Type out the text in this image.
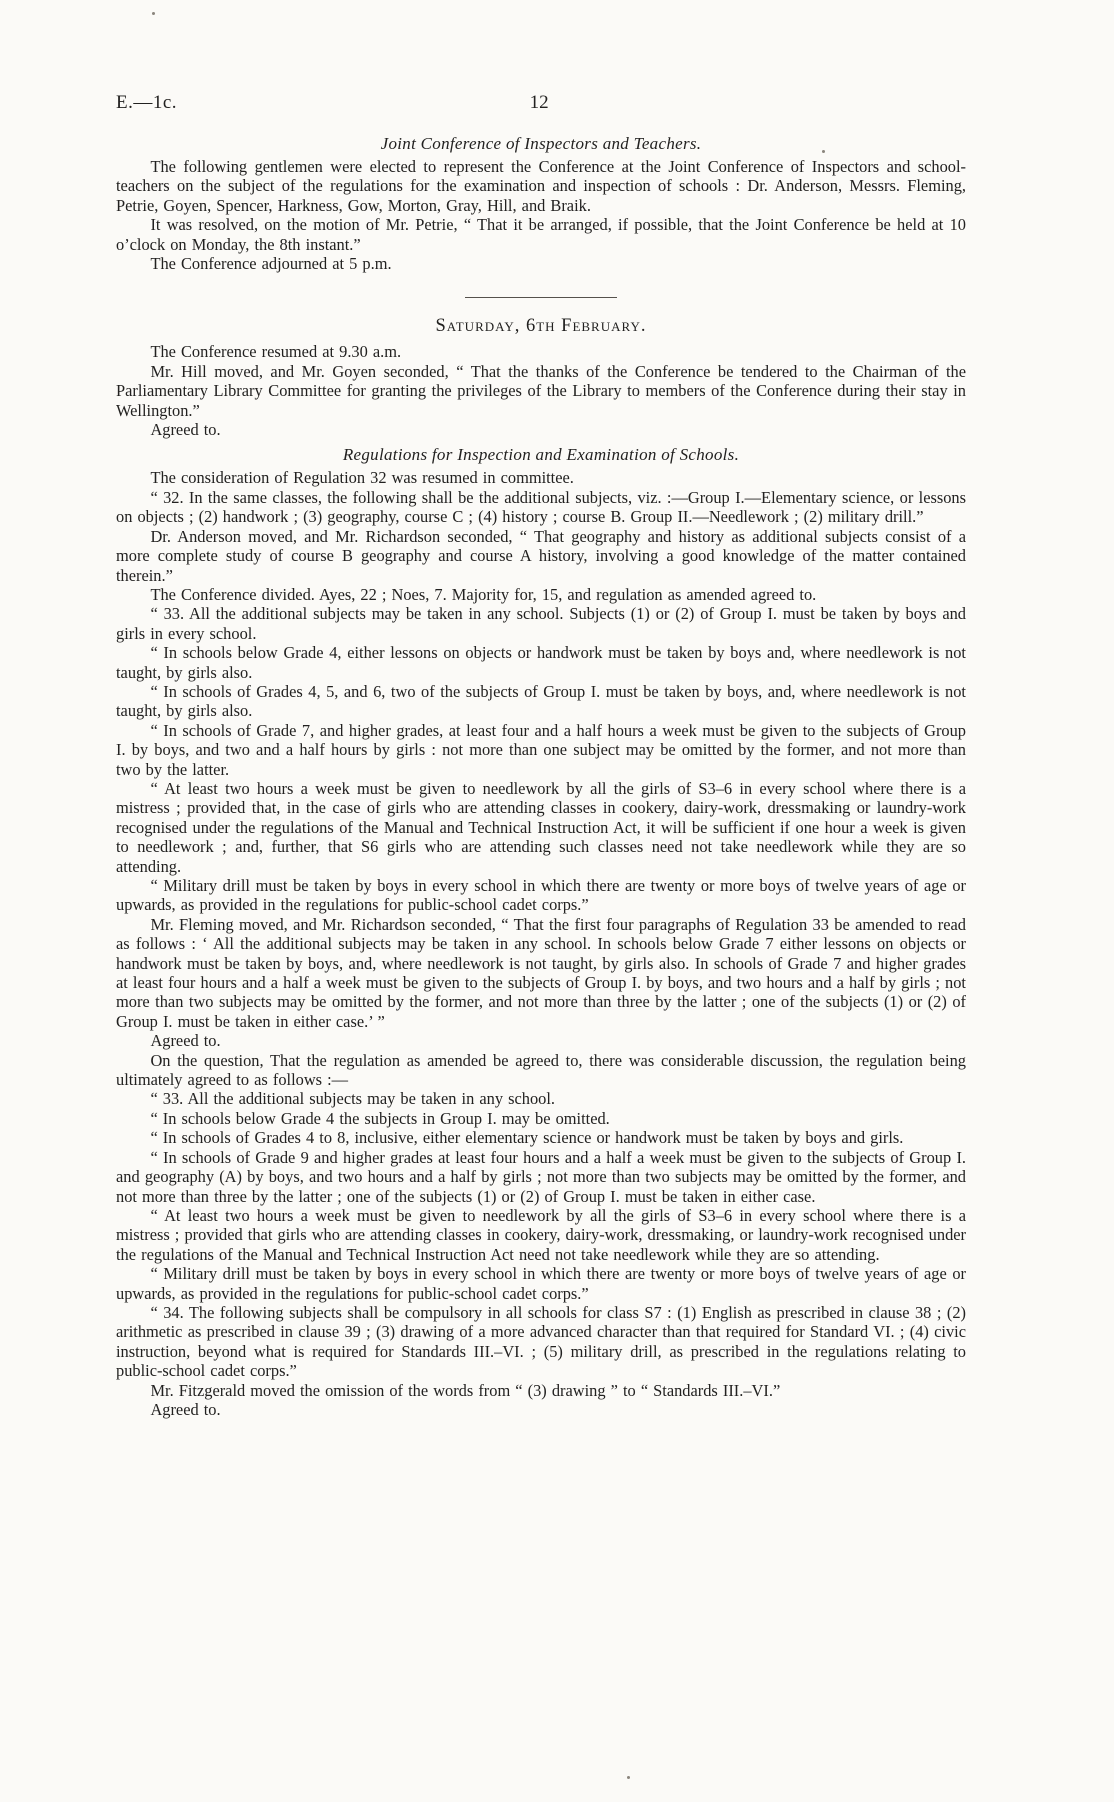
E.—1c.	12
Joint Conference of Inspectors and Teachers.

The following gentlemen were elected to represent the Conference at the Joint Conference of Inspectors and school-teachers on the subject of the regulations for the examination and inspection of schools : Dr. Anderson, Messrs. Fleming, Petrie, Goyen, Spencer, Harkness, Gow, Morton, Gray, Hill, and Braik.

It was resolved, on the motion of Mr. Petrie, “ That it be arranged, if possible, that the Joint Conference be held at 10 o’clock on Monday, the 8th instant.”

The Conference adjourned at 5 p.m.

Saturday, 6th February.

The Conference resumed at 9.30 a.m.

Mr. Hill moved, and Mr. Goyen seconded, “ That the thanks of the Conference be tendered to the Chairman of the Parliamentary Library Committee for granting the privileges of the Library to members of the Conference during their stay in Wellington.”

Agreed to.

Regulations for Inspection and Examination of Schools.

The consideration of Regulation 32 was resumed in committee.

“ 32. In the same classes, the following shall be the additional subjects, viz. :—Group I.—Elementary science, or lessons on objects ; (2) handwork ; (3) geography, course C ; (4) history ; course B. Group II.—Needlework ; (2) military drill.”

Dr. Anderson moved, and Mr. Richardson seconded, “ That geography and history as additional subjects consist of a more complete study of course B geography and course A history, involving a good knowledge of the matter contained therein.”

The Conference divided. Ayes, 22 ; Noes, 7. Majority for, 15, and regulation as amended agreed to.

“ 33. All the additional subjects may be taken in any school. Subjects (1) or (2) of Group I. must be taken by boys and girls in every school.

“ In schools below Grade 4, either lessons on objects or handwork must be taken by boys and, where needlework is not taught, by girls also.

“ In schools of Grades 4, 5, and 6, two of the subjects of Group I. must be taken by boys, and, where needlework is not taught, by girls also.

“ In schools of Grade 7, and higher grades, at least four and a half hours a week must be given to the subjects of Group I. by boys, and two and a half hours by girls : not more than one subject may be omitted by the former, and not more than two by the latter.

“ At least two hours a week must be given to needlework by all the girls of S3–6 in every school where there is a mistress ; provided that, in the case of girls who are attending classes in cookery, dairy-work, dressmaking or laundry-work recognised under the regulations of the Manual and Technical Instruction Act, it will be sufficient if one hour a week is given to needlework ; and, further, that S6 girls who are attending such classes need not take needlework while they are so attending.

“ Military drill must be taken by boys in every school in which there are twenty or more boys of twelve years of age or upwards, as provided in the regulations for public-school cadet corps.”

Mr. Fleming moved, and Mr. Richardson seconded, “ That the first four paragraphs of Regulation 33 be amended to read as follows : ‘ All the additional subjects may be taken in any school. In schools below Grade 7 either lessons on objects or handwork must be taken by boys, and, where needlework is not taught, by girls also. In schools of Grade 7 and higher grades at least four hours and a half a week must be given to the subjects of Group I. by boys, and two hours and a half by girls ; not more than two subjects may be omitted by the former, and not more than three by the latter ; one of the subjects (1) or (2) of Group I. must be taken in either case.’ ”

Agreed to.

On the question, That the regulation as amended be agreed to, there was considerable discussion, the regulation being ultimately agreed to as follows :—

“ 33. All the additional subjects may be taken in any school.

“ In schools below Grade 4 the subjects in Group I. may be omitted.

“ In schools of Grades 4 to 8, inclusive, either elementary science or handwork must be taken by boys and girls.

“ In schools of Grade 9 and higher grades at least four hours and a half a week must be given to the subjects of Group I. and geography (A) by boys, and two hours and a half by girls ; not more than two subjects may be omitted by the former, and not more than three by the latter ; one of the subjects (1) or (2) of Group I. must be taken in either case.

“ At least two hours a week must be given to needlework by all the girls of S3–6 in every school where there is a mistress ; provided that girls who are attending classes in cookery, dairy-work, dressmaking, or laundry-work recognised under the regulations of the Manual and Technical Instruction Act need not take needlework while they are so attending.

“ Military drill must be taken by boys in every school in which there are twenty or more boys of twelve years of age or upwards, as provided in the regulations for public-school cadet corps.”

“ 34. The following subjects shall be compulsory in all schools for class S7 : (1) English as prescribed in clause 38 ; (2) arithmetic as prescribed in clause 39 ; (3) drawing of a more advanced character than that required for Standard VI. ; (4) civic instruction, beyond what is required for Standards III.–VI. ; (5) military drill, as prescribed in the regulations relating to public-school cadet corps.”

Mr. Fitzgerald moved the omission of the words from “ (3) drawing ” to “ Standards III.–VI.”

Agreed to.
